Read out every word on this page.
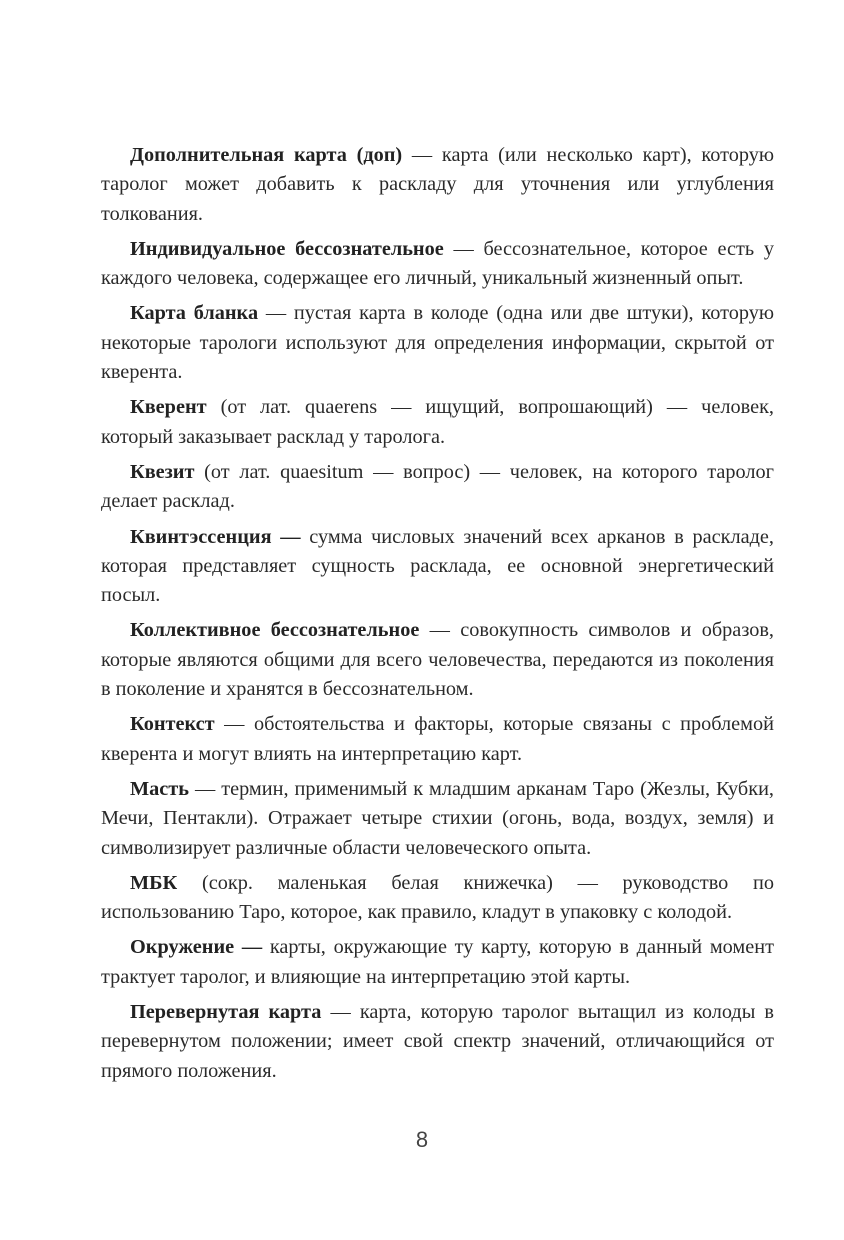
Дополнительная карта (доп) — карта (или несколько карт), которую таролог может добавить к раскладу для уточнения или углубления толкования.

Индивидуальное бессознательное — бессознательное, которое есть у каждого человека, содержащее его личный, уникальный жизненный опыт.

Карта бланка — пустая карта в колоде (одна или две штуки), которую некоторые тарологи используют для определения информации, скрытой от кверента.

Кверент (от лат. quaerens — ищущий, вопрошающий) — человек, который заказывает расклад у таролога.

Квезит (от лат. quaesitum — вопрос) — человек, на которого таролог делает расклад.

Квинтэссенция — сумма числовых значений всех арканов в раскладе, которая представляет сущность расклада, ее основной энергетический посыл.

Коллективное бессознательное — совокупность символов и образов, которые являются общими для всего человечества, передаются из поколения в поколение и хранятся в бессознательном.

Контекст — обстоятельства и факторы, которые связаны с проблемой кверента и могут влиять на интерпретацию карт.

Масть — термин, применимый к младшим арканам Таро (Жезлы, Кубки, Мечи, Пентакли). Отражает четыре стихии (огонь, вода, воздух, земля) и символизирует различные области человеческого опыта.

МБК (сокр. маленькая белая книжечка) — руководство по использованию Таро, которое, как правило, кладут в упаковку с колодой.

Окружение — карты, окружающие ту карту, которую в данный момент трактует таролог, и влияющие на интерпретацию этой карты.

Перевернутая карта — карта, которую таролог вытащил из колоды в перевернутом положении; имеет свой спектр значений, отличающийся от прямого положения.

8
